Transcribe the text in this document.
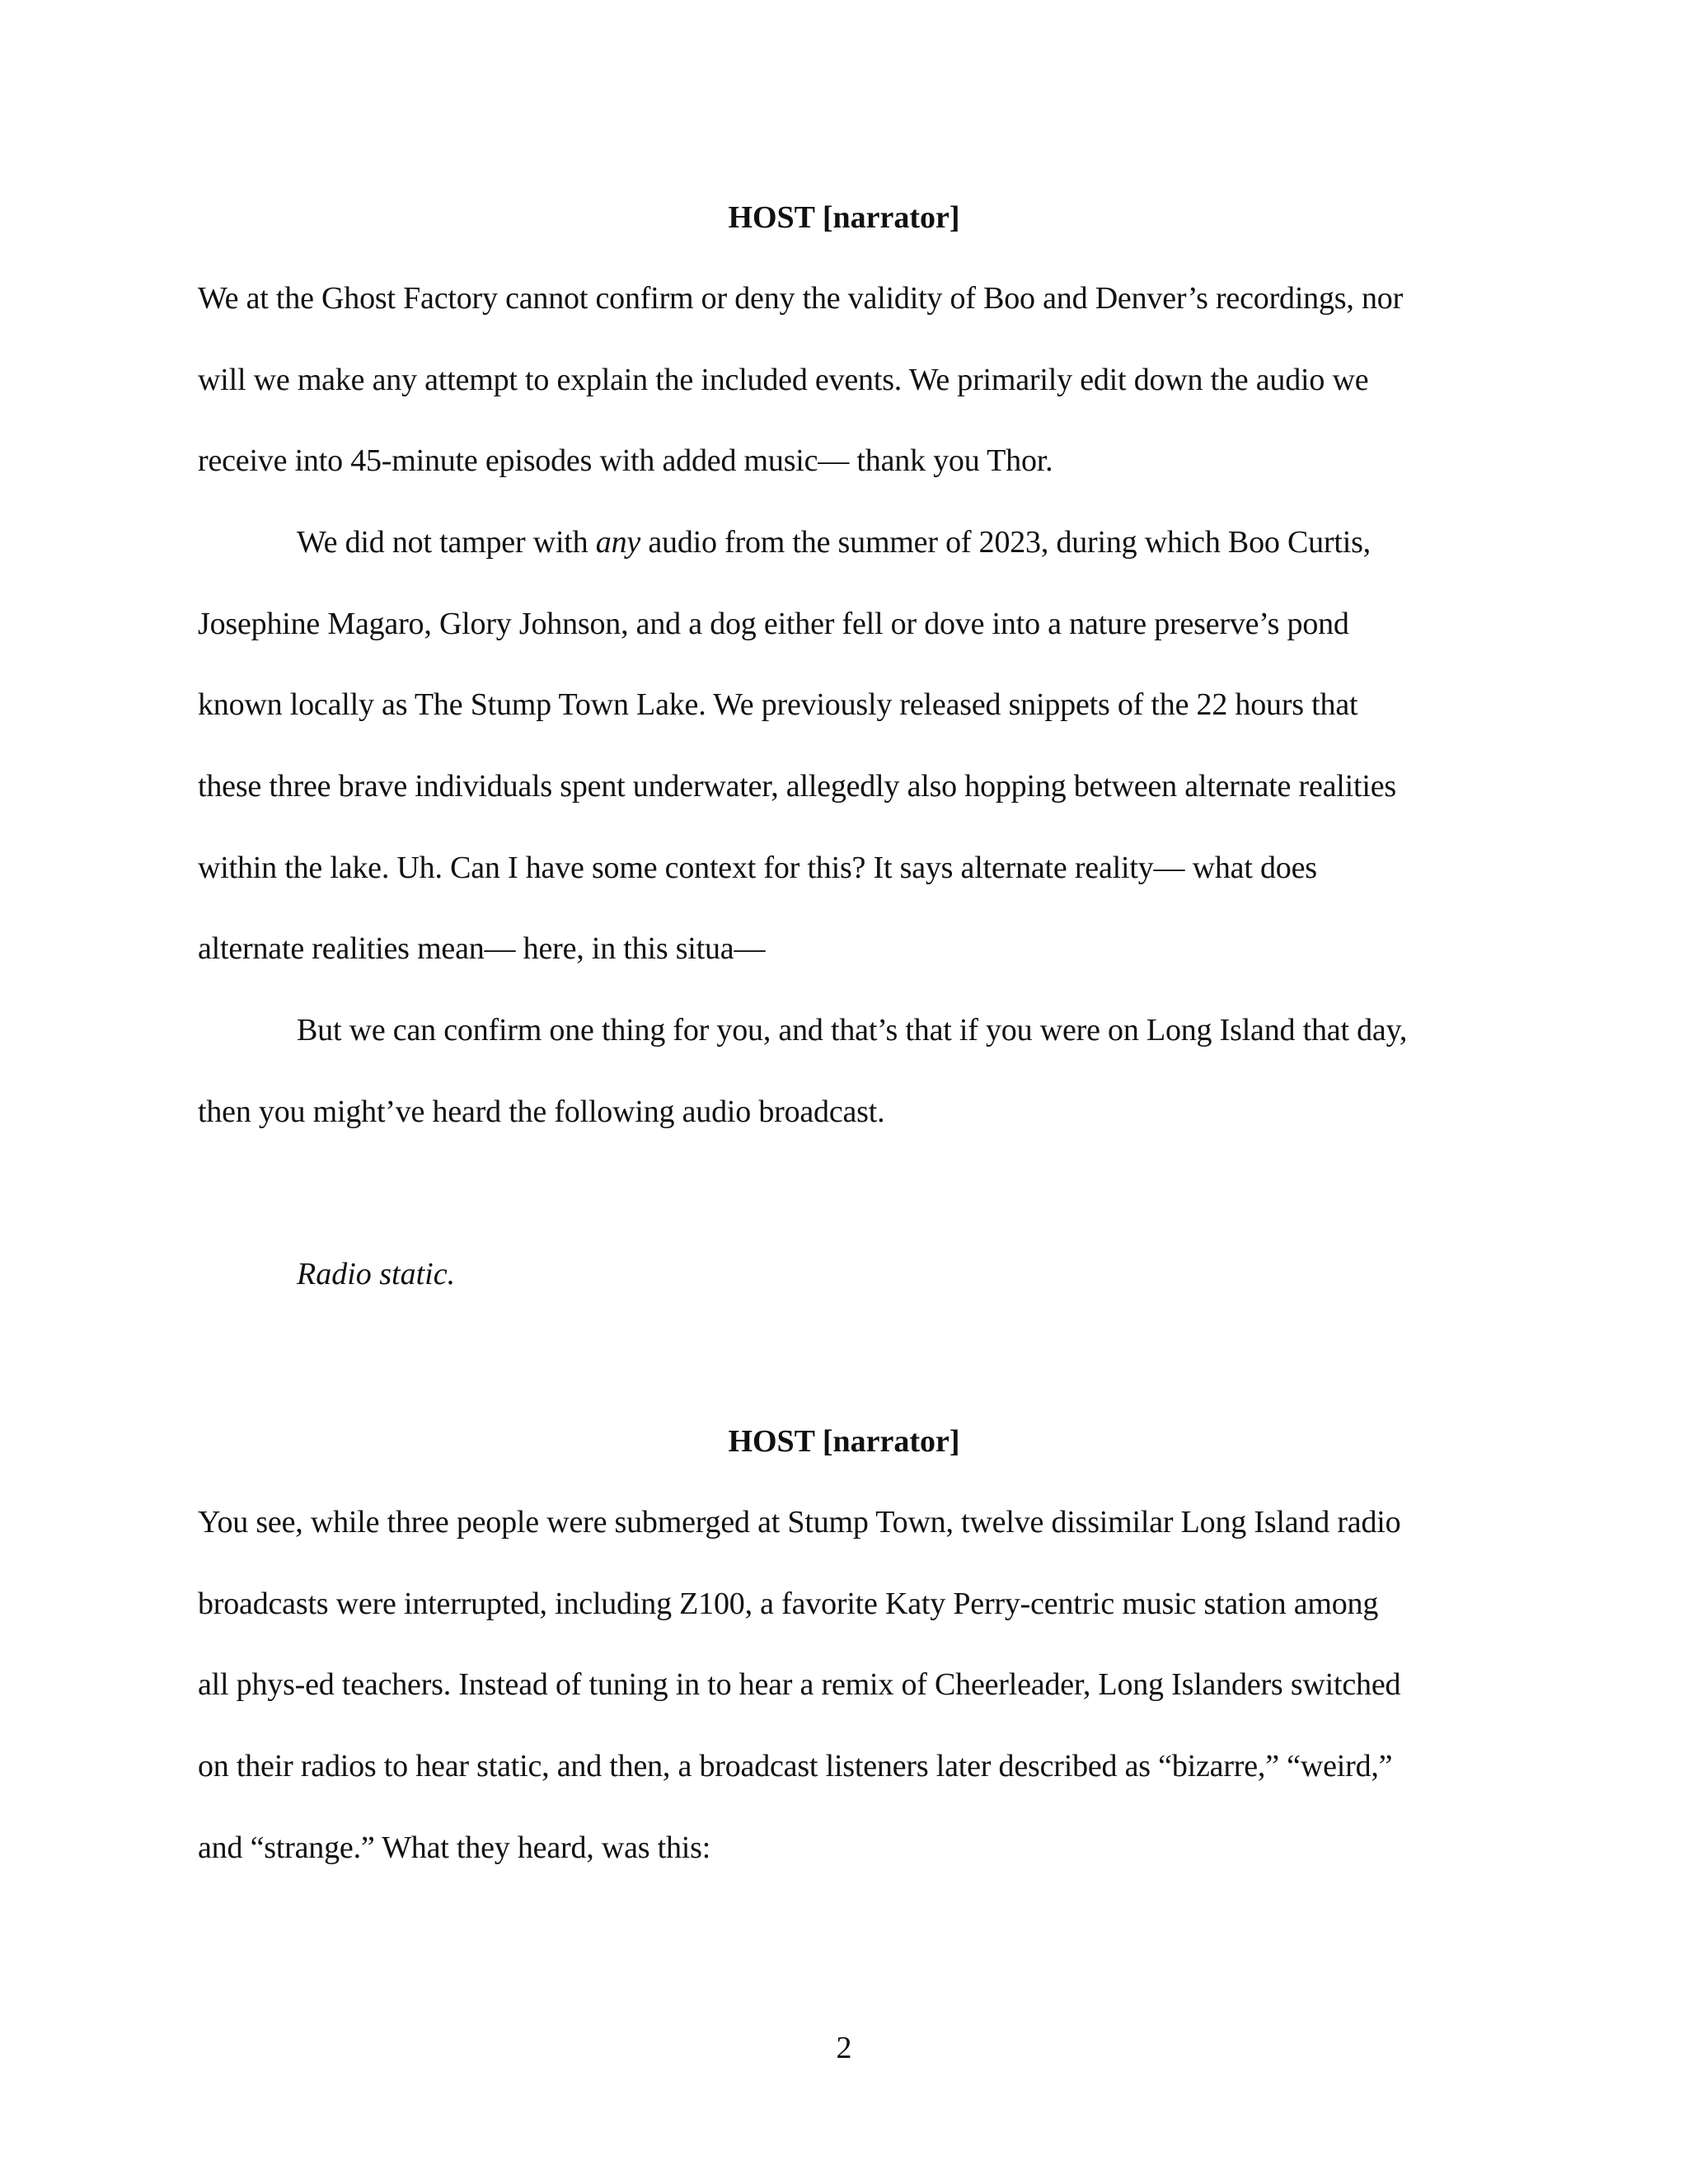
HOST [narrator]

We at the Ghost Factory cannot confirm or deny the validity of Boo and Denver’s recordings, nor
will we make any attempt to explain the included events. We primarily edit down the audio we
receive into 45-minute episodes with added music— thank you Thor.
We did not tamper with any audio from the summer of 2023, during which Boo Curtis,
Josephine Magaro, Glory Johnson, and a dog either fell or dove into a nature preserve’s pond
known locally as The Stump Town Lake. We previously released snippets of the 22 hours that
these three brave individuals spent underwater, allegedly also hopping between alternate realities
within the lake. Uh. Can I have some context for this? It says alternate reality— what does
alternate realities mean— here, in this situa—
But we can confirm one thing for you, and that’s that if you were on Long Island that day,
then you might’ve heard the following audio broadcast.

Radio static.

HOST [narrator]

You see, while three people were submerged at Stump Town, twelve dissimilar Long Island radio
broadcasts were interrupted, including Z100, a favorite Katy Perry-centric music station among
all phys-ed teachers. Instead of tuning in to hear a remix of Cheerleader, Long Islanders switched
on their radios to hear static, and then, a broadcast listeners later described as “bizarre,” “weird,”
and “strange.” What they heard, was this:

2
